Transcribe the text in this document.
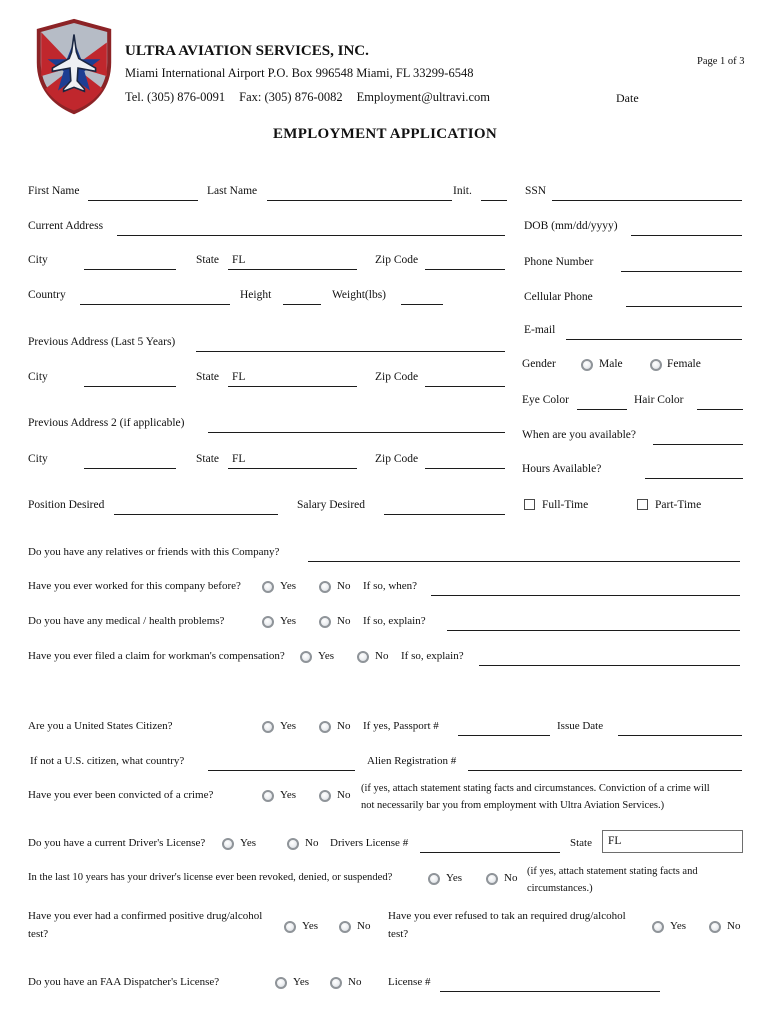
ULTRA AVIATION SERVICES, INC.
Page 1 of 3
Miami International Airport P.O. Box 996548 Miami, FL 33299-6548
Tel. (305) 876-0091 Fax: (305) 876-0082 Employment@ultravi.com	Date
EMPLOYMENT APPLICATION
First Name	Last Name	Init.	SSN
Current Address	DOB (mm/dd/yyyy)
City	State FL	Zip Code	Phone Number
Country	Height	Weight(lbs)	Cellular Phone
E-mail
Previous Address (Last 5 Years)
Gender	Male	Female
City	State FL	Zip Code
Eye Color	Hair Color
Previous Address 2 (if applicable)
When are you available?
City	State FL	Zip Code
Hours Available?
Position Desired	Salary Desired	Full-Time	Part-Time
Do you have any relatives or friends with this Company?
Have you ever worked for this company before?	Yes	No If so, when?
Do you have any medical / health problems?	Yes	No If so, explain?
Have you ever filed a claim for workman's compensation?	Yes	No If so, explain?
Are you a United States Citizen?	Yes	No If yes, Passport #	Issue Date
If not a U.S. citizen, what country?	Alien Registration #
Have you ever been convicted of a crime?	Yes	No
(if yes, attach statement stating facts and circumstances. Conviction of a crime will
not necessarily bar you from employment with Ultra Aviation Services.)
Do you have a current Driver's License?	Yes	No Drivers License #	State FL
In the last 10 years has your driver's license ever been revoked, denied, or suspended?	Yes	No
(if yes, attach statement stating facts and
circumstances.)
Have you ever had a confirmed positive drug/alcohol
test?
Yes	No
Have you ever refused to tak an required drug/alcohol
test?
Yes	No
Do you have an FAA Dispatcher's License?	Yes	No License #
